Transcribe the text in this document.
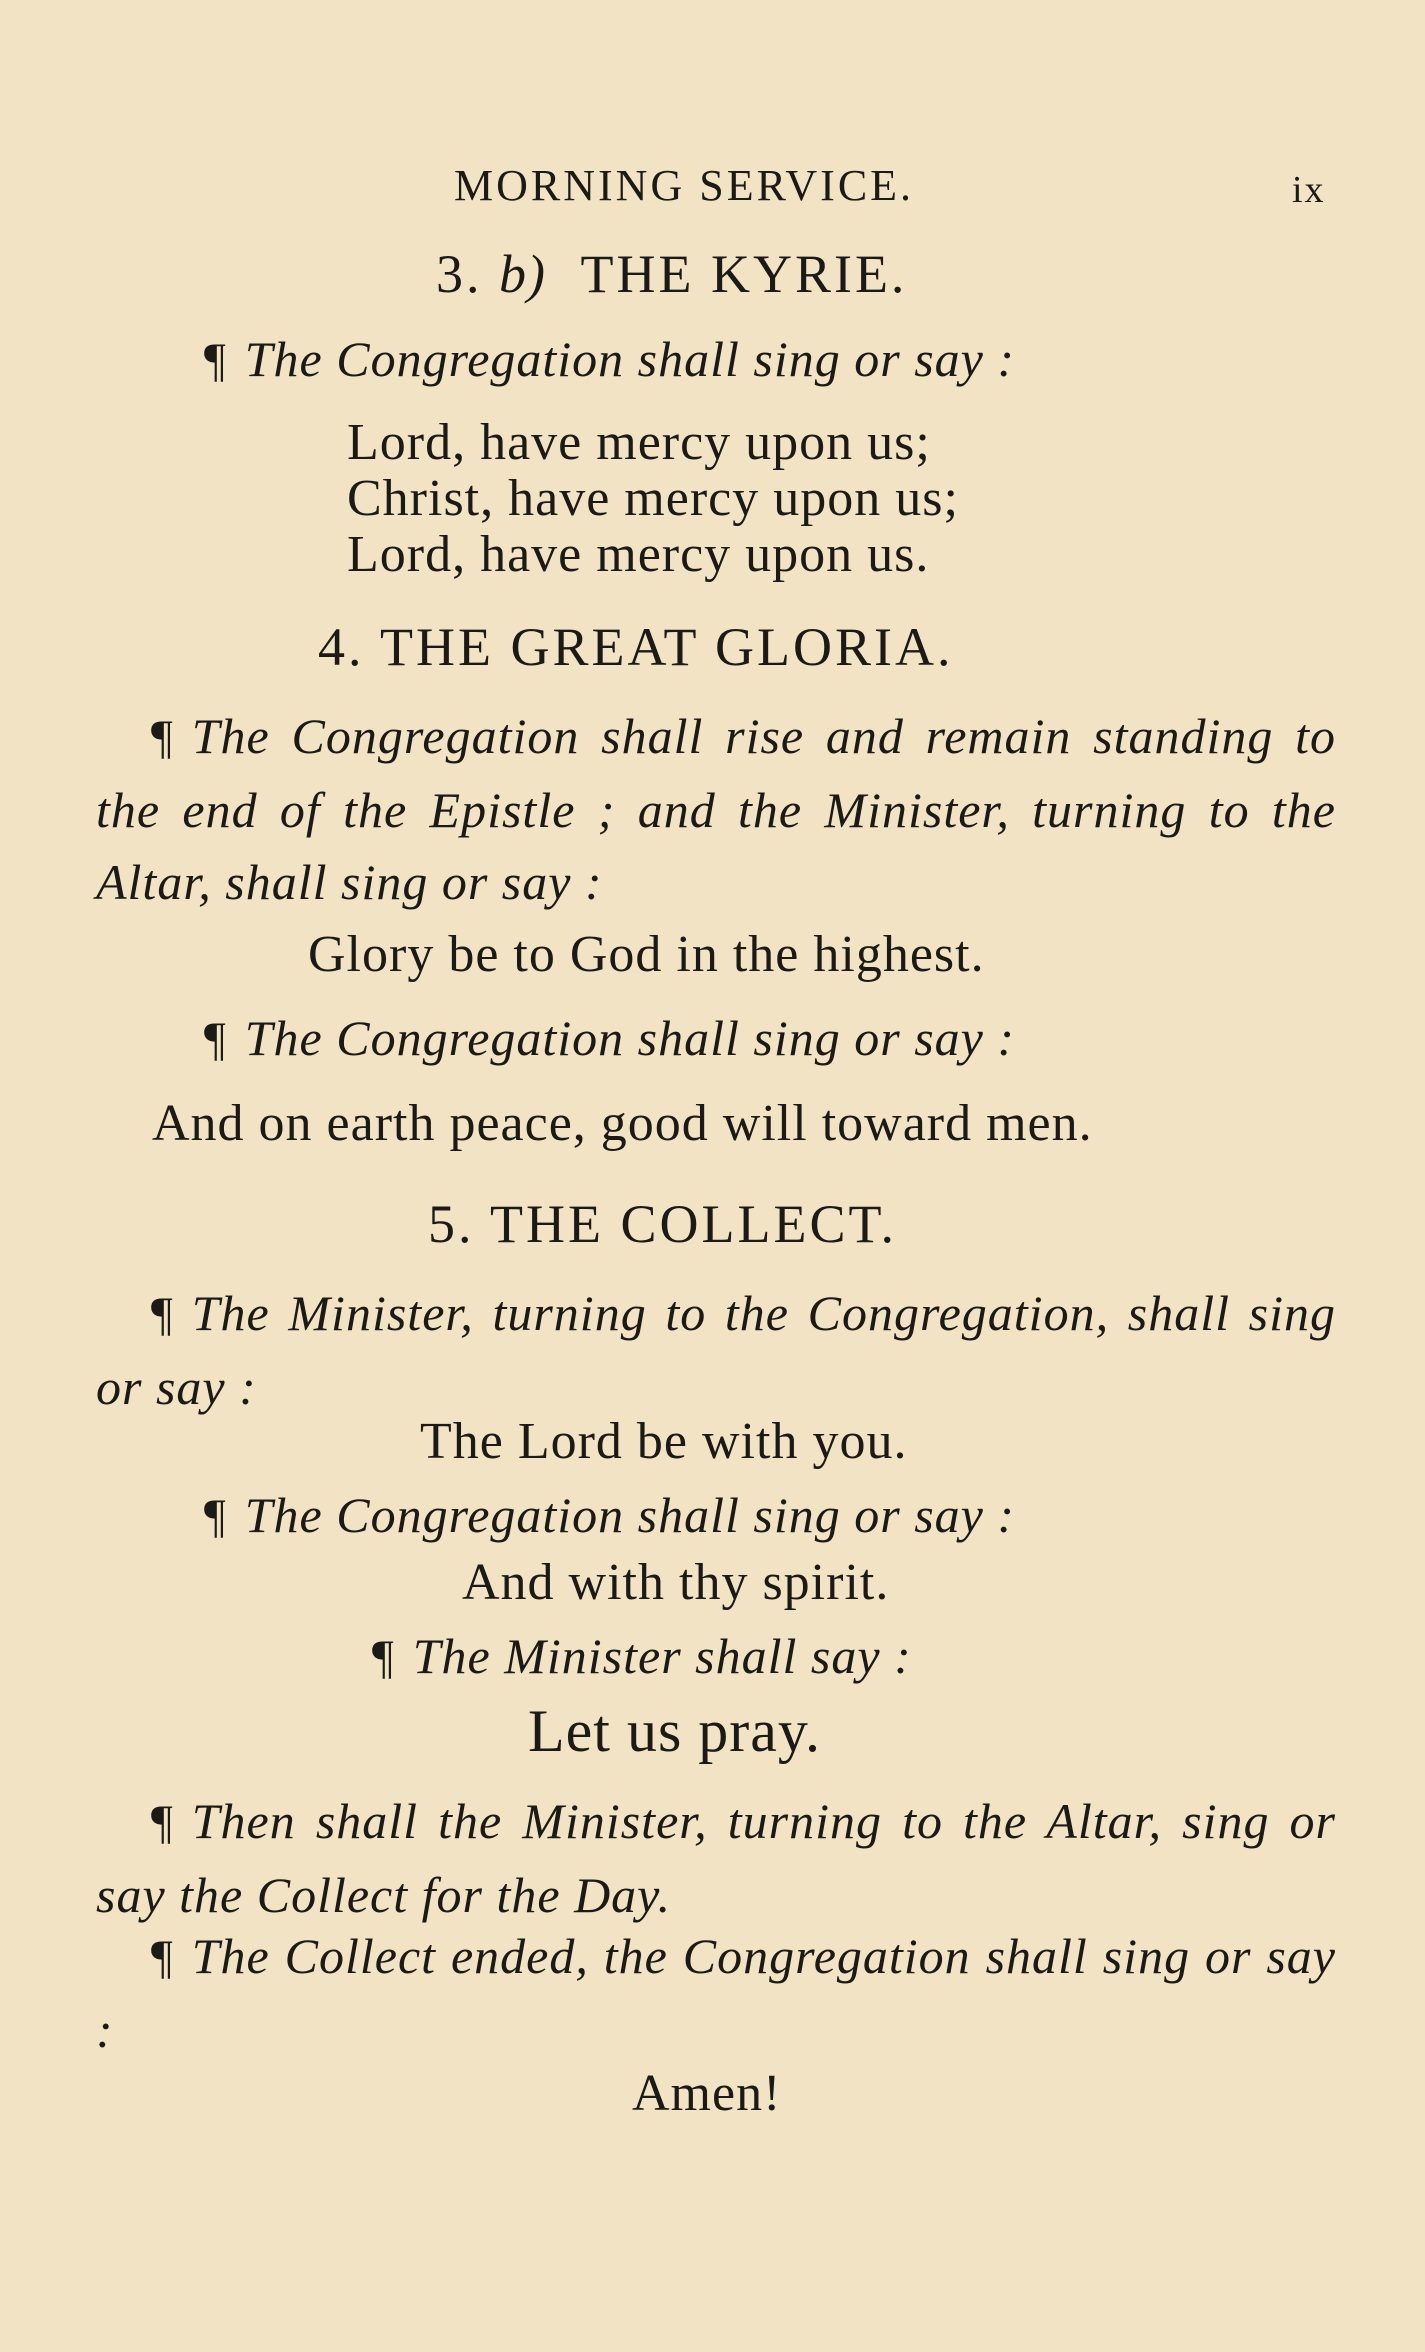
MORNING SERVICE.	ix
3. b) THE KYRIE.
¶ The Congregation shall sing or say :
Lord, have mercy upon us;
Christ, have mercy upon us;
Lord, have mercy upon us.
4. THE GREAT GLORIA.
¶ The Congregation shall rise and remain standing to the end of the Epistle ; and the Minister, turning to the Altar, shall sing or say :
Glory be to God in the highest.
¶ The Congregation shall sing or say :
And on earth peace, good will toward men.
5. THE COLLECT.
¶ The Minister, turning to the Congregation, shall sing or say :
The Lord be with you.
¶ The Congregation shall sing or say :
And with thy spirit.
¶ The Minister shall say :
Let us pray.
¶ Then shall the Minister, turning to the Altar, sing or say the Collect for the Day.
¶ The Collect ended, the Congregation shall sing or say :
Amen!
